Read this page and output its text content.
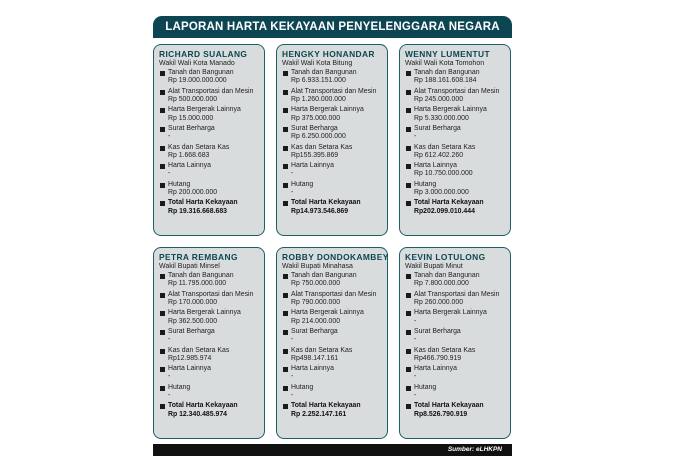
LAPORAN HARTA KEKAYAAN PENYELENGGARA NEGARA
RICHARD SUALANG
Wakil Wali Kota Manado
Tanah dan Bangunan
Rp 19.000.000.000
Alat Transportasi dan Mesin
Rp 500.000.000
Harta Bergerak Lainnya
Rp 15.000.000
Surat Berharga
-
Kas dan Setara Kas
Rp 1.668.683
Harta Lainnya
-
Hutang
Rp 200.000.000
Total Harta Kekayaan
Rp 19.316.668.683
HENGKY HONANDAR
Wakil Wali Kota Bitung
Tanah dan Bangunan
Rp 6.933.151.000
Alat Transportasi dan Mesin
Rp 1.260.000.000
Harta Bergerak Lainnya
Rp 375.000.000
Surat Berharga
Rp 6.250.000.000
Kas dan Setara Kas
Rp155.395.869
Harta Lainnya
-
Hutang
-
Total Harta Kekayaan
Rp14.973.546.869
WENNY LUMENTUT
Wakil Wali Kota Tomohon
Tanah dan Bangunan
Rp 188.161.608.184
Alat Transportasi dan Mesin
Rp 245.000.000
Harta Bergerak Lainnya
Rp 5.330.000.000
Surat Berharga
-
Kas dan Setara Kas
Rp 612.402.260
Harta Lainnya
Rp 10.750.000.000
Hutang
Rp 3.000.000.000
Total Harta Kekayaan
Rp202.099.010.444
PETRA REMBANG
Wakil Bupati Minsel
Tanah dan Bangunan
Rp 11.795.000.000
Alat Transportasi dan Mesin
Rp 170.000.000
Harta Bergerak Lainnya
Rp 362.500.000
Surat Berharga
-
Kas dan Setara Kas
Rp12.985.974
Harta Lainnya
-
Hutang
-
Total Harta Kekayaan
Rp 12.340.485.974
ROBBY DONDOKAMBEY
Wakil Bupati Minahasa
Tanah dan Bangunan
Rp 750.000.000
Alat Transportasi dan Mesin
Rp 790.000.000
Harta Bergerak Lainnya
Rp 214.000.000
Surat Berharga
-
Kas dan Setara Kas
Rp498.147.161
Harta Lainnya
-
Hutang
-
Total Harta Kekayaan
Rp 2.252.147.161
KEVIN LOTULONG
Wakil Bupati Minut
Tanah dan Bangunan
Rp 7.800.000.000
Alat Transportasi dan Mesin
Rp 260.000.000
Harta Bergerak Lainnya
-
Surat Berharga
-
Kas dan Setara Kas
Rp466.790.919
Harta Lainnya
-
Hutang
-
Total Harta Kekayaan
Rp8.526.790.919
Sumber: eLHKPN
